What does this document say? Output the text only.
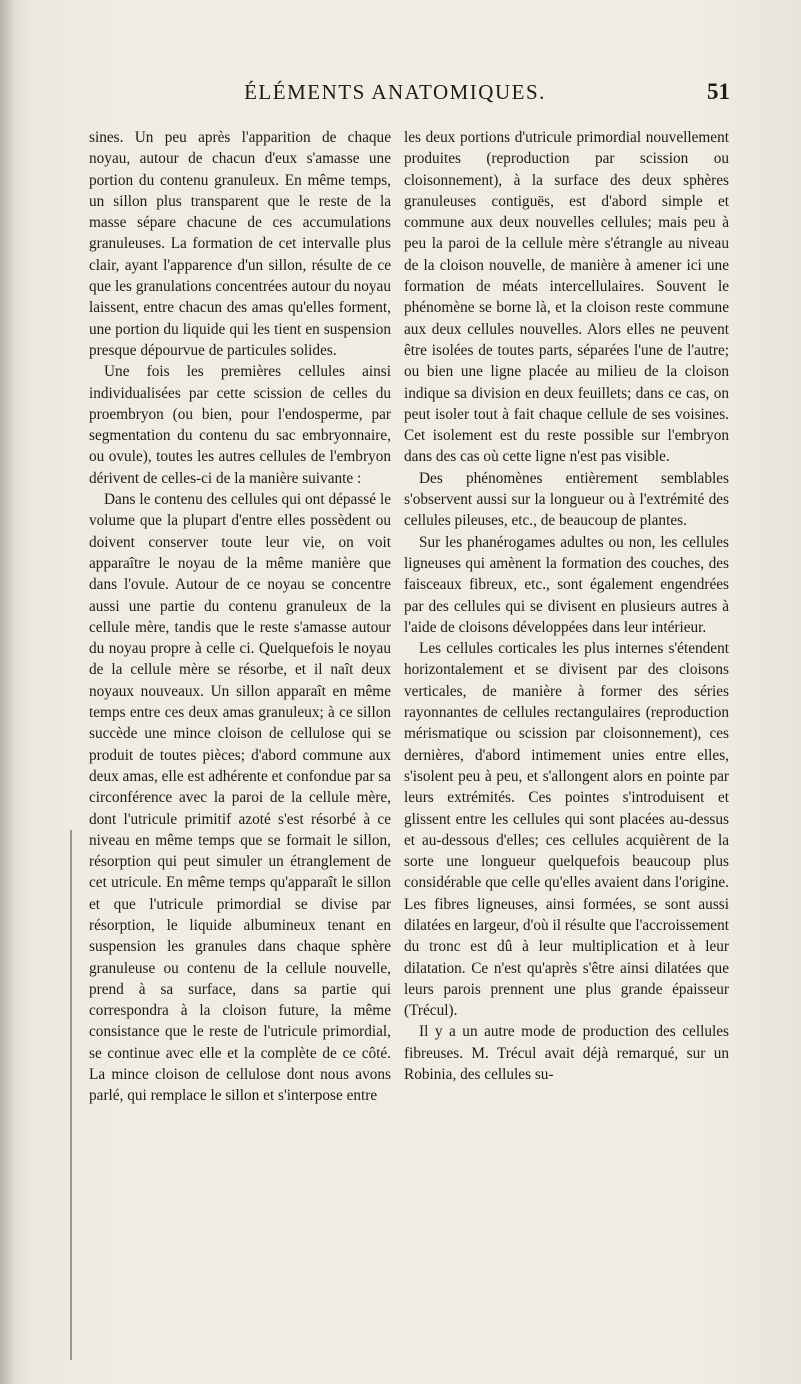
ÉLÉMENTS ANATOMIQUES.	51

sines. Un peu après l'apparition de chaque noyau, autour de chacun d'eux s'amasse une portion du contenu granuleux. En même temps, un sillon plus transparent que le reste de la masse sépare chacune de ces accumulations granuleuses. La formation de cet intervalle plus clair, ayant l'apparence d'un sillon, résulte de ce que les granulations concentrées autour du noyau laissent, entre chacun des amas qu'elles forment, une portion du liquide qui les tient en suspension presque dépourvue de particules solides.

Une fois les premières cellules ainsi individualisées par cette scission de celles du proembryon (ou bien, pour l'endosperme, par segmentation du contenu du sac embryonnaire, ou ovule), toutes les autres cellules de l'embryon dérivent de celles-ci de la manière suivante :

Dans le contenu des cellules qui ont dépassé le volume que la plupart d'entre elles possèdent ou doivent conserver toute leur vie, on voit apparaître le noyau de la même manière que dans l'ovule. Autour de ce noyau se concentre aussi une partie du contenu granuleux de la cellule mère, tandis que le reste s'amasse autour du noyau propre à celle ci. Quelquefois le noyau de la cellule mère se résorbe, et il naît deux noyaux nouveaux. Un sillon apparaît en même temps entre ces deux amas granuleux; à ce sillon succède une mince cloison de cellulose qui se produit de toutes pièces; d'abord commune aux deux amas, elle est adhérente et confondue par sa circonférence avec la paroi de la cellule mère, dont l'utricule primitif azoté s'est résorbé à ce niveau en même temps que se formait le sillon, résorption qui peut simuler un étranglement de cet utricule. En même temps qu'apparaît le sillon et que l'utricule primordial se divise par résorption, le liquide albumineux tenant en suspension les granules dans chaque sphère granuleuse ou contenu de la cellule nouvelle, prend à sa surface, dans sa partie qui correspondra à la cloison future, la même consistance que le reste de l'utricule primordial, se continue avec elle et la complète de ce côté. La mince cloison de cellulose dont nous avons parlé, qui remplace le sillon et s'interpose entre

les deux portions d'utricule primordial nouvellement produites (reproduction par scission ou cloisonnement), à la surface des deux sphères granuleuses contiguës, est d'abord simple et commune aux deux nouvelles cellules; mais peu à peu la paroi de la cellule mère s'étrangle au niveau de la cloison nouvelle, de manière à amener ici une formation de méats intercellulaires. Souvent le phénomène se borne là, et la cloison reste commune aux deux cellules nouvelles. Alors elles ne peuvent être isolées de toutes parts, séparées l'une de l'autre; ou bien une ligne placée au milieu de la cloison indique sa division en deux feuillets; dans ce cas, on peut isoler tout à fait chaque cellule de ses voisines. Cet isolement est du reste possible sur l'embryon dans des cas où cette ligne n'est pas visible.

Des phénomènes entièrement semblables s'observent aussi sur la longueur ou à l'extrémité des cellules pileuses, etc., de beaucoup de plantes.

Sur les phanérogames adultes ou non, les cellules ligneuses qui amènent la formation des couches, des faisceaux fibreux, etc., sont également engendrées par des cellules qui se divisent en plusieurs autres à l'aide de cloisons développées dans leur intérieur.

Les cellules corticales les plus internes s'étendent horizontalement et se divisent par des cloisons verticales, de manière à former des séries rayonnantes de cellules rectangulaires (reproduction mérismatique ou scission par cloisonnement), ces dernières, d'abord intimement unies entre elles, s'isolent peu à peu, et s'allongent alors en pointe par leurs extrémités. Ces pointes s'introduisent et glissent entre les cellules qui sont placées au-dessus et au-dessous d'elles; ces cellules acquièrent de la sorte une longueur quelquefois beaucoup plus considérable que celle qu'elles avaient dans l'origine. Les fibres ligneuses, ainsi formées, se sont aussi dilatées en largeur, d'où il résulte que l'accroissement du tronc est dû à leur multiplication et à leur dilatation. Ce n'est qu'après s'être ainsi dilatées que leurs parois prennent une plus grande épaisseur (Trécul).

Il y a un autre mode de production des cellules fibreuses. M. Trécul avait déjà remarqué, sur un Robinia, des cellules su-
